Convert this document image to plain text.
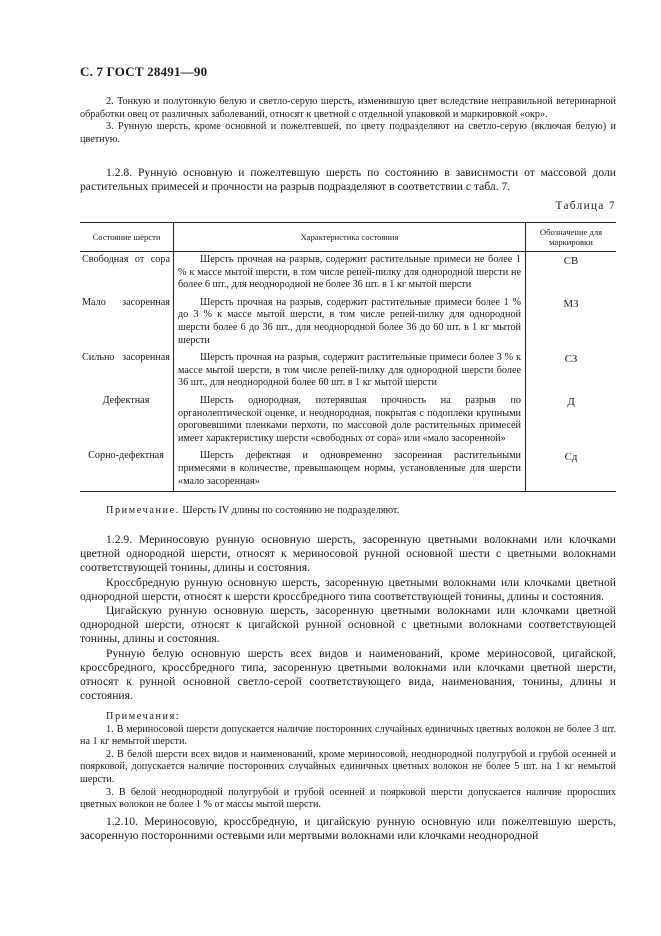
С. 7 ГОСТ 28491—90

2. Тонкую и полутонкую белую и светло-серую шерсть, изменившую цвет вследствие неправильной ветеринарной обработки овец от различных заболеваний, относят к цветной с отдельной упаковкой и маркировкой «окр».

3. Рунную шерсть, кроме основной и пожелтевшей, по цвету подразделяют на светло-серую (включая белую) и цветную.

1.2.8. Рунную основную и пожелтевшую шерсть по состоянию в зависимости от массовой доли растительных примесей и прочности на разрыв подразделяют в соответствии с табл. 7.

Таблица 7
Состояние шерсти	Характеристика состояния	Обозначение для маркировки
Свободная от сора	Шерсть прочная на разрыв, содержит растительные примеси не более 1 % к массе мытой шерсти, в том числе репей-пилку для однородной шерсти не более 6 шт., для неоднородной не более 36 шт. в 1 кг мытой шерсти	СВ
Мало засоренная	Шерсть прочная на разрыв, содержит растительные примеси более 1 % до 3 % к массе мытой шерсти, в том числе репей-пилку для однородной шерсти более 6 до 36 шт., для неоднородной более 36 до 60 шт. в 1 кг мытой шерсти	МЗ
Сильно засоренная	Шерсть прочная на разрыв, содержит растительные примеси более 3 % к массе мытой шерсти, в том числе репей-пилку для однородной шерсти более 36 шт., для неоднородной более 60 шт. в 1 кг мытой шерсти	СЗ
Дефектная	Шерсть однородная, потерявшая прочность на разрыв по органолептической оценке, и неоднородная, покрытая с подоплеки крупными ороговевшими пленками перхоти, по массовой доле растительных примесей имеет характеристику шерсти «свободных от сора» или «мало засоренной»	Д
Сорно-дефектная	Шерсть дефектная и одновременно засоренная растительными примесями в количестве, превышающем нормы, установленные для шерсти «мало засоренная»	Сд

Примечание. Шерсть IV длины по состоянию не подразделяют.

1.2.9. Мериносовую рунную основную шерсть, засоренную цветными волокнами или клочками цветной однородной шерсти, относят к мериносовой рунной основной шести с цветными волокнами соответствующей тонины, длины и состояния.

Кроссбредную рунную основную шерсть, засоренную цветными волокнами или клочками цветной однородной шерсти, относят к шерсти кроссбредного типа соответствующей тонины, длины и состояния.

Цигайскую рунную основную шерсть, засоренную цветными волокнами или клочками цветной однородной шерсти, относят к цигайской рунной основной с цветными волокнами соответствующей тонины, длины и состояния.

Рунную белую основную шерсть всех видов и наименований, кроме мериносовой, цигайской, кроссбредного, кроссбредного типа, засоренную цветными волокнами или клочками цветной шерсти, относят к рунной основной светло-серой соответствующего вида, наименования, тонины, длины и состояния.

Примечания:

1. В мериносовой шерсти допускается наличие посторонних случайных единичных цветных волокон не более 3 шт. на 1 кг немытой шерсти.

2. В белой шерсти всех видов и наименований, кроме мериносовой, неоднородной полугрубой и грубой осенней и поярковой, допускается наличие посторонних случайных единичных цветных волокон не более 5 шт. на 1 кг немытой шерсти.

3. В белой неоднородной полугрубой и грубой осенней и поярковой шерсти допускается наличие проросших цветных волокон не более 1 % от массы мытой шерсти.

1.2.10. Мериносовую, кроссбредную, и цигайскую рунную основную или пожелтевшую шерсть, засоренную посторонними остевыми или мертвыми волокнами или клочками неоднородной
